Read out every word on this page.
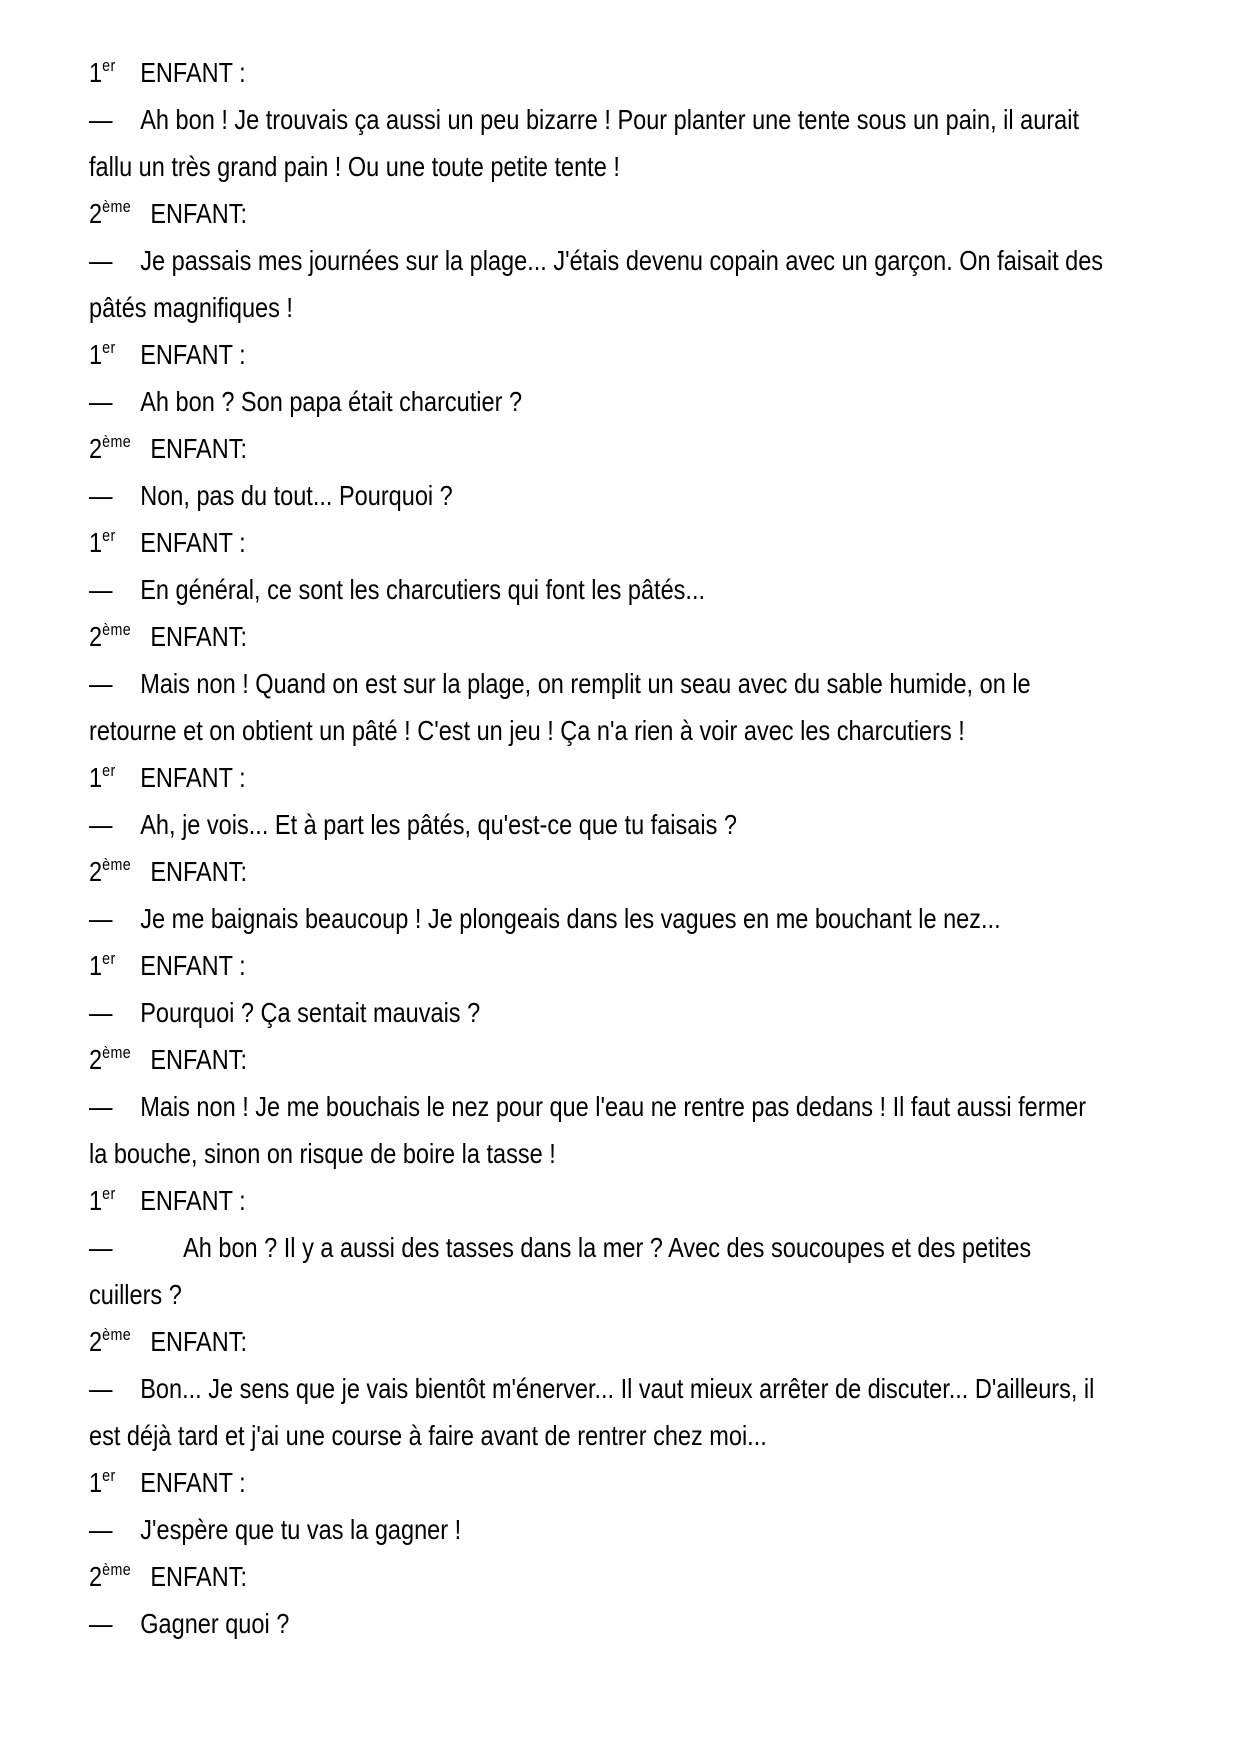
1er ENFANT :
— Ah bon ! Je trouvais ça aussi un peu bizarre ! Pour planter une tente sous un pain, il aurait
fallu un très grand pain ! Ou une toute petite tente !
2ème ENFANT:
— Je passais mes journées sur la plage... J'étais devenu copain avec un garçon. On faisait des
pâtés magnifiques !
1er ENFANT :
— Ah bon ? Son papa était charcutier ?
2ème ENFANT:
— Non, pas du tout... Pourquoi ?
1er ENFANT :
— En général, ce sont les charcutiers qui font les pâtés...
2ème ENFANT:
— Mais non ! Quand on est sur la plage, on remplit un seau avec du sable humide, on le
retourne et on obtient un pâté ! C'est un jeu ! Ça n'a rien à voir avec les charcutiers !
1er ENFANT :
— Ah, je vois... Et à part les pâtés, qu'est-ce que tu faisais ?
2ème ENFANT:
— Je me baignais beaucoup ! Je plongeais dans les vagues en me bouchant le nez...
1er ENFANT :
— Pourquoi ? Ça sentait mauvais ?
2ème ENFANT:
— Mais non ! Je me bouchais le nez pour que l'eau ne rentre pas dedans ! Il faut aussi fermer
la bouche, sinon on risque de boire la tasse !
1er ENFANT :
—	Ah bon ? Il y a aussi des tasses dans la mer ? Avec des soucoupes et des petites
cuillers ?
2ème ENFANT:
— Bon... Je sens que je vais bientôt m'énerver... Il vaut mieux arrêter de discuter... D'ailleurs, il
est déjà tard et j'ai une course à faire avant de rentrer chez moi...
1er ENFANT :
— J'espère que tu vas la gagner !
2ème ENFANT:
— Gagner quoi ?
